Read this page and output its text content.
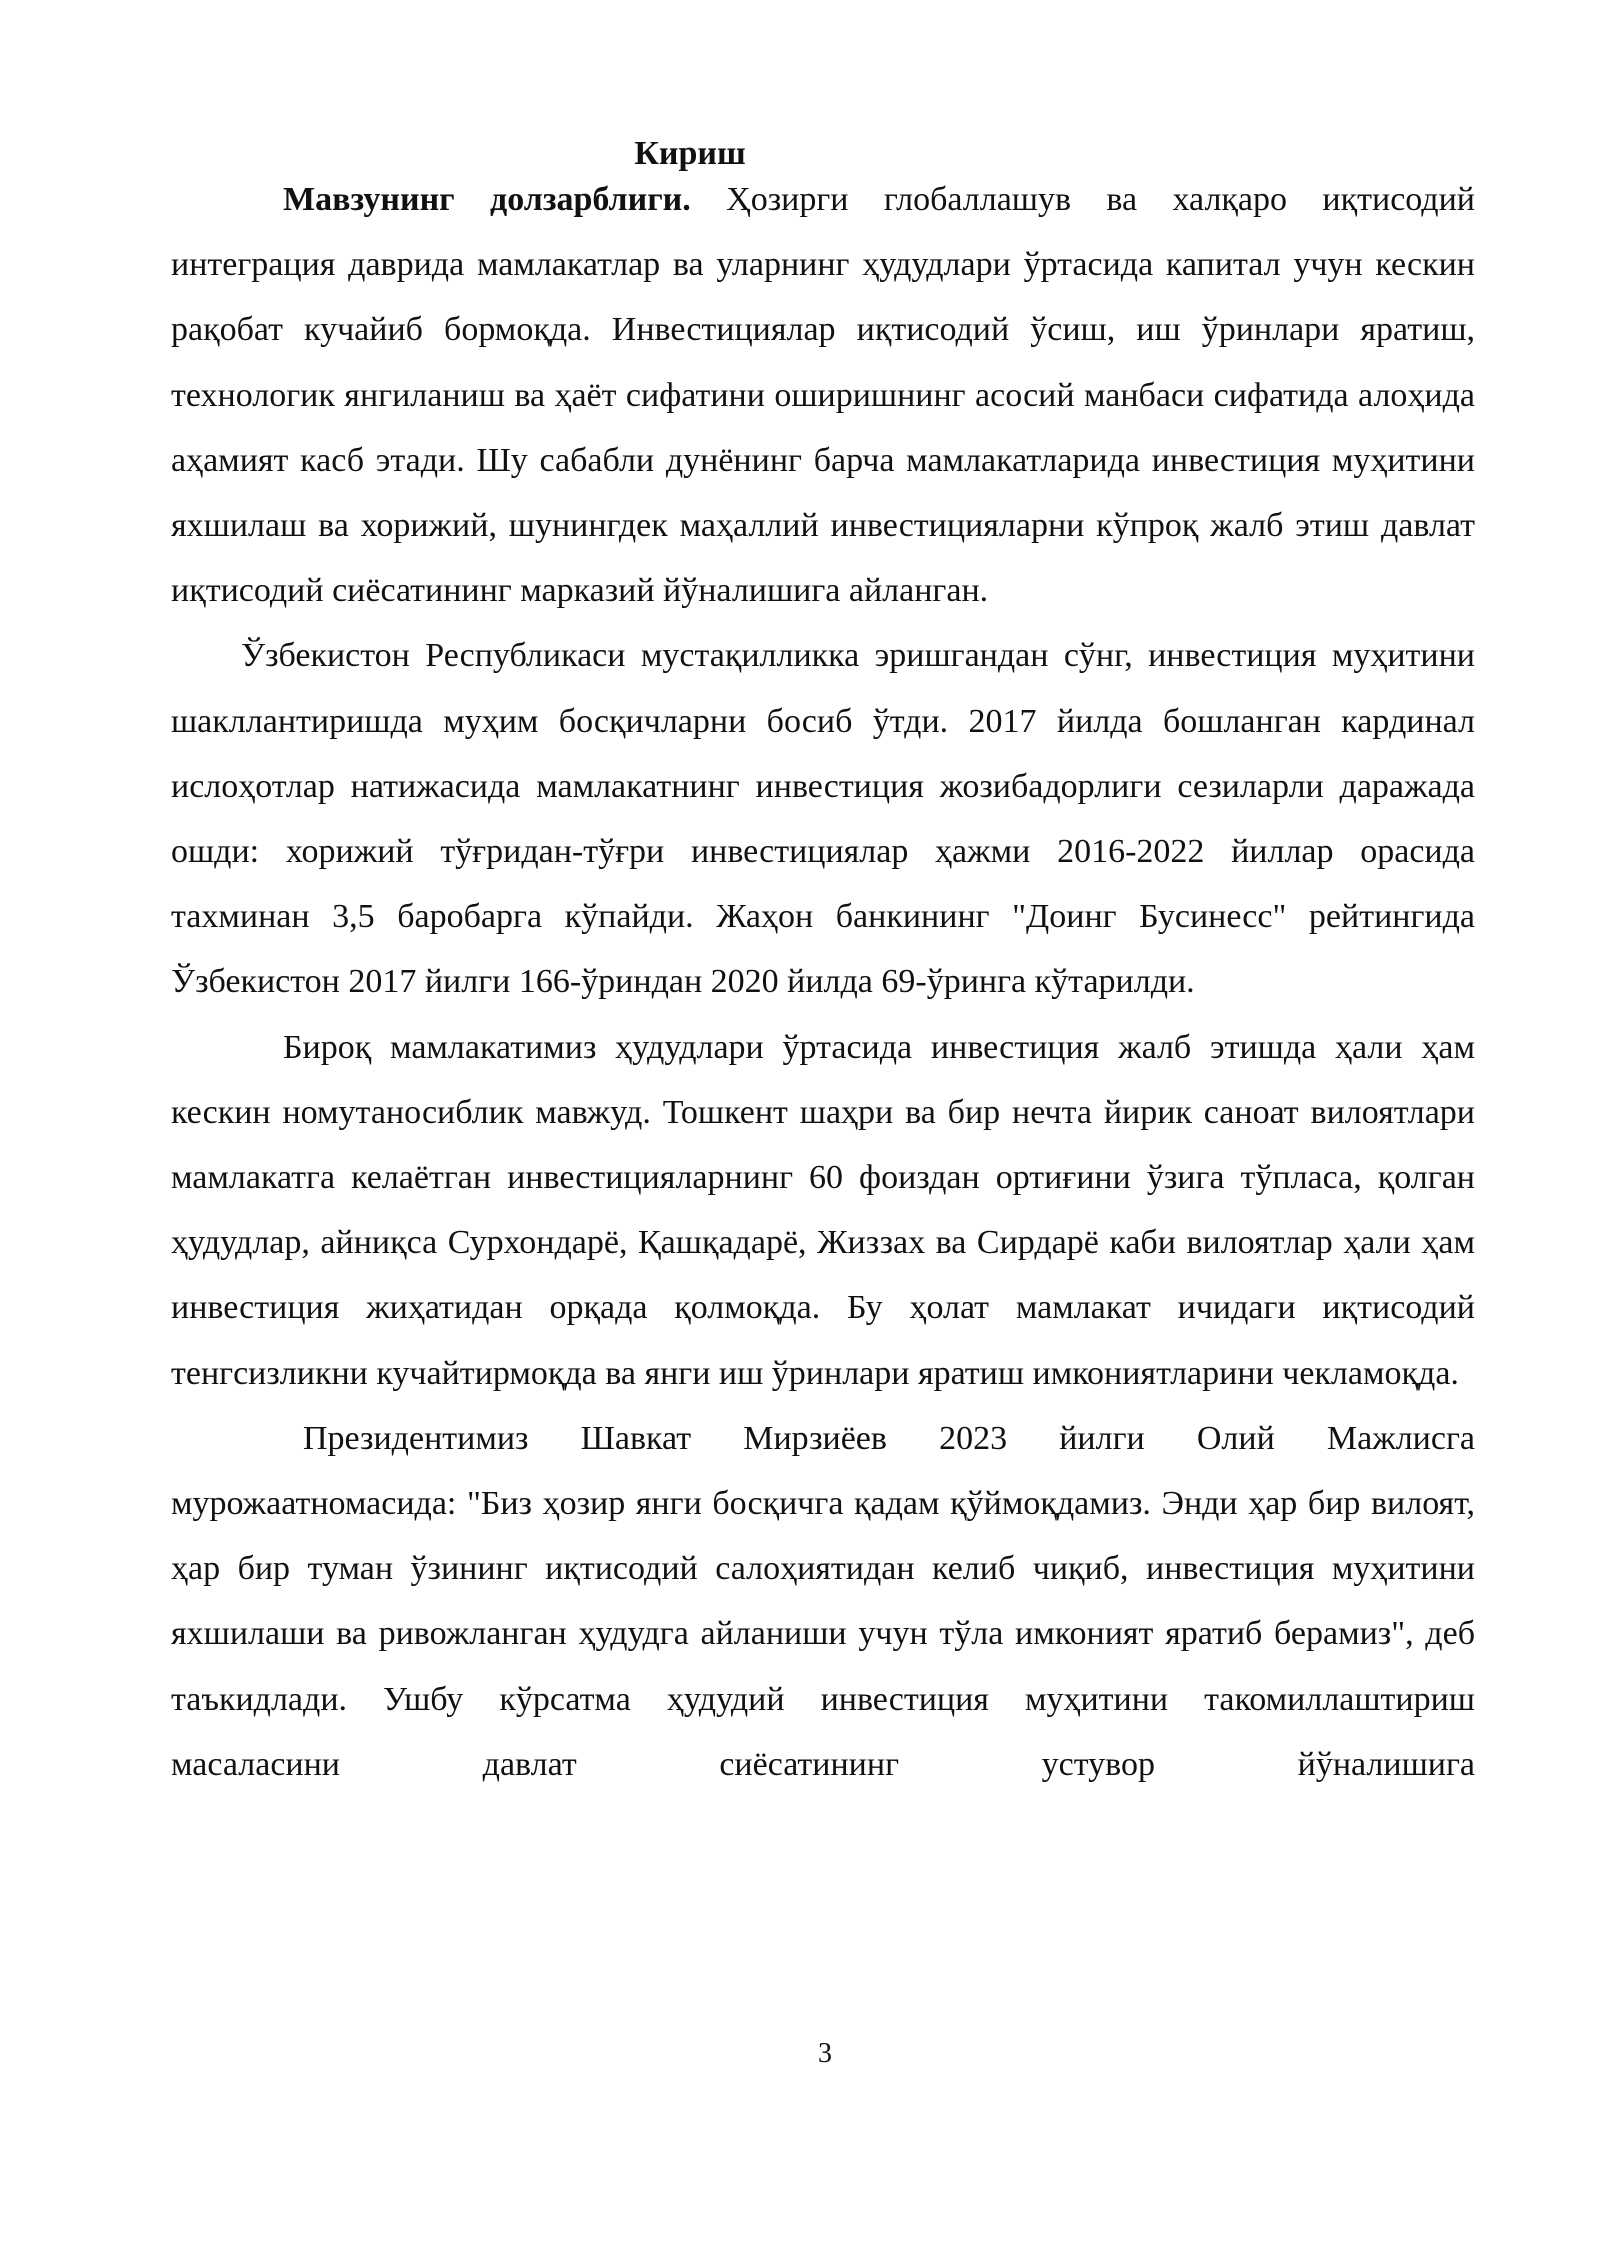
Кириш

Мавзунинг долзарблиги. Ҳозирги глобаллашув ва халқаро иқтисодий интеграция даврида мамлакатлар ва уларнинг ҳудудлари ўртасида капитал учун кескин рақобат кучайиб бормоқда. Инвестициялар иқтисодий ўсиш, иш ўринлари яратиш, технологик янгиланиш ва ҳаёт сифатини оширишнинг асосий манбаси сифатида алоҳида аҳамият касб этади. Шу сабабли дунёнинг барча мамлакатларида инвестиция муҳитини яхшилаш ва хорижий, шунингдек маҳаллий инвестицияларни кўпроқ жалб этиш давлат иқтисодий сиёсатининг марказий йўналишига айланган.

Ўзбекистон Республикаси мустақилликка эришгандан сўнг, инвестиция муҳитини шакллантиришда муҳим босқичларни босиб ўтди. 2017 йилда бошланган кардинал ислоҳотлар натижасида мамлакатнинг инвестиция жозибадорлиги сезиларли даражада ошди: хорижий тўғридан-тўғри инвестициялар ҳажми 2016-2022 йиллар орасида тахминан 3,5 баробарга кўпайди. Жаҳон банкининг "Доинг Бусинесс" рейтингида Ўзбекистон 2017 йилги 166-ўриндан 2020 йилда 69-ўринга кўтарилди.

Бироқ мамлакатимиз ҳудудлари ўртасида инвестиция жалб этишда ҳали ҳам кескин номутаносиблик мавжуд. Тошкент шаҳри ва бир нечта йирик саноат вилоятлари мамлакатга келаётган инвестицияларнинг 60 фоиздан ортиғини ўзига тўпласа, қолган ҳудудлар, айниқса Сурхондарё, Қашқадарё, Жиззах ва Сирдарё каби вилоятлар ҳали ҳам инвестиция жиҳатидан орқада қолмоқда. Бу ҳолат мамлакат ичидаги иқтисодий тенгсизликни кучайтирмоқда ва янги иш ўринлари яратиш имкониятларини чекламоқда.

Президентимиз Шавкат Мирзиёев 2023 йилги Олий Мажлисга мурожаатномасида: "Биз ҳозир янги босқичга қадам қўймоқдамиз. Энди ҳар бир вилоят, ҳар бир туман ўзининг иқтисодий салоҳиятидан келиб чиқиб, инвестиция муҳитини яхшилаши ва ривожланган ҳудудга айланиши учун тўла имконият яратиб берамиз", деб таъкидлади. Ушбу кўрсатма ҳудудий инвестиция муҳитини такомиллаштириш масаласини давлат сиёсатининг устувор йўналишига

3
